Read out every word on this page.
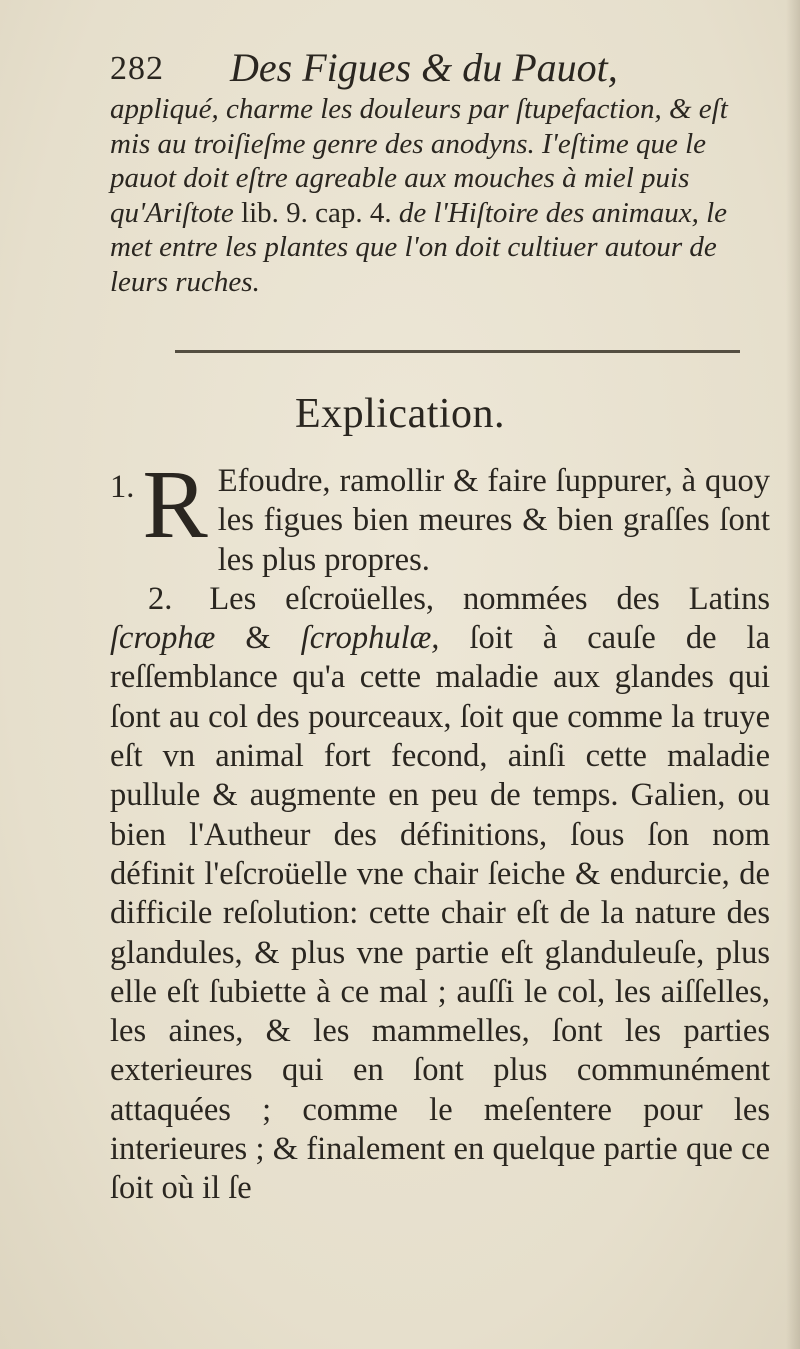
282 Des Figues & du Pauot,

appliqué, charme les douleurs par ſtupefaction, & eſt mis au troiſieſme genre des anodyns. I'eſtime que le pauot doit eſtre agreable aux mouches à miel puis qu'Ariſtote lib. 9. cap. 4. de l'Hiſtoire des animaux, le met entre les plantes que l'on doit cultiuer autour de leurs ruches.

Explication.

1. R Efoudre, ramollir & faire ſuppurer, à quoy les figues bien meures & bien graſſes ſont les plus propres.

2. Les eſcroüelles, nommées des Latins ſcrophæ & ſcrophulæ, ſoit à cauſe de la reſſemblance qu'a cette maladie aux glandes qui ſont au col des pourceaux, ſoit que comme la truye eſt vn animal fort fecond, ainſi cette maladie pullule & augmente en peu de temps. Galien, ou bien l'Autheur des définitions, ſous ſon nom définit l'eſcroüelle vne chair ſeiche & endurcie, de difficile reſolution: cette chair eſt de la nature des glandules, & plus vne partie eſt glanduleuſe, plus elle eſt ſubiette à ce mal ; auſſi le col, les aiſſelles, les aines, & les mammelles, ſont les parties exterieures qui en ſont plus communément attaquées ; comme le meſentere pour les interieures ; & finalement en quelque partie que ce ſoit où il ſe
